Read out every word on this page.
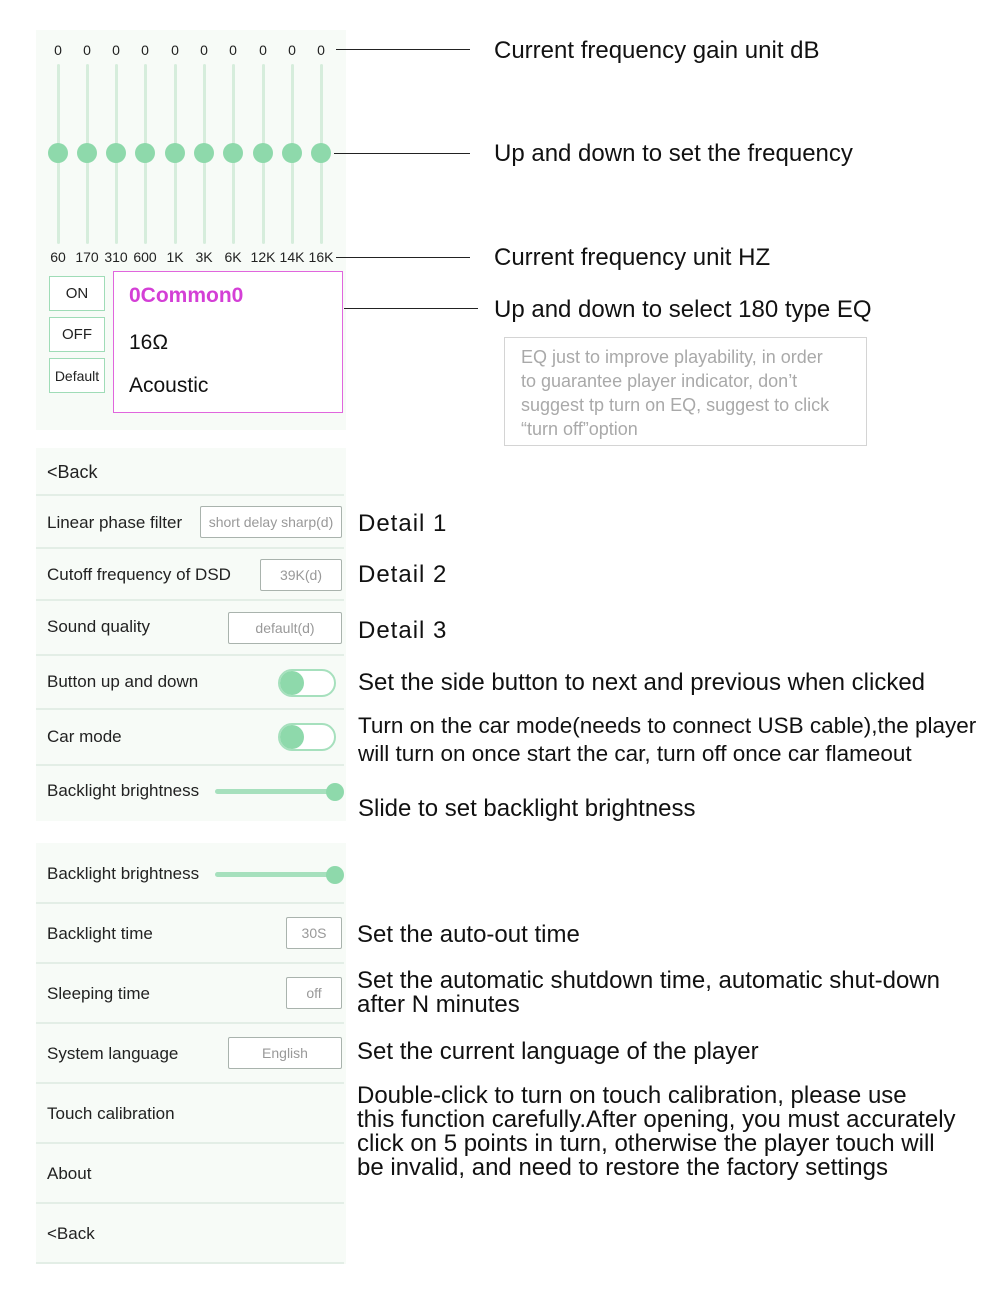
0	0	0	0	0	0	0	0	0	0
60 170 310 600 1K 3K 6K 12K 14K 16K
ON
OFF
Default
0Common0
16Ω
Acoustic
Current frequency gain unit dB
Up and down to set the frequency
Current frequency unit HZ
Up and down to select 180 type EQ
EQ just to improve playability, in order
to guarantee player indicator, don’t
suggest tp turn on EQ, suggest to click
“turn off”option
<Back
Linear phase filter	short delay sharp(d)
Cutoff frequency of DSD	39K(d)
Sound quality	default(d)
Button up and down
Car mode
Backlight brightness
Detail 1
Detail 2
Detail 3
Set the side button to next and previous when clicked
Turn on the car mode(needs to connect USB cable),the player
will turn on once start the car, turn off once car flameout
Slide to set backlight brightness
Backlight brightness
Backlight time	30S
Sleeping time	off
System language	English
Touch calibration
About
<Back
Set the auto-out time
Set the automatic shutdown time, automatic shut-down
after N minutes
Set the current language of the player
Double-click to turn on touch calibration, please use
this function carefully.After opening, you must accurately
click on 5 points in turn, otherwise the player touch will
be invalid, and need to restore the factory settings
